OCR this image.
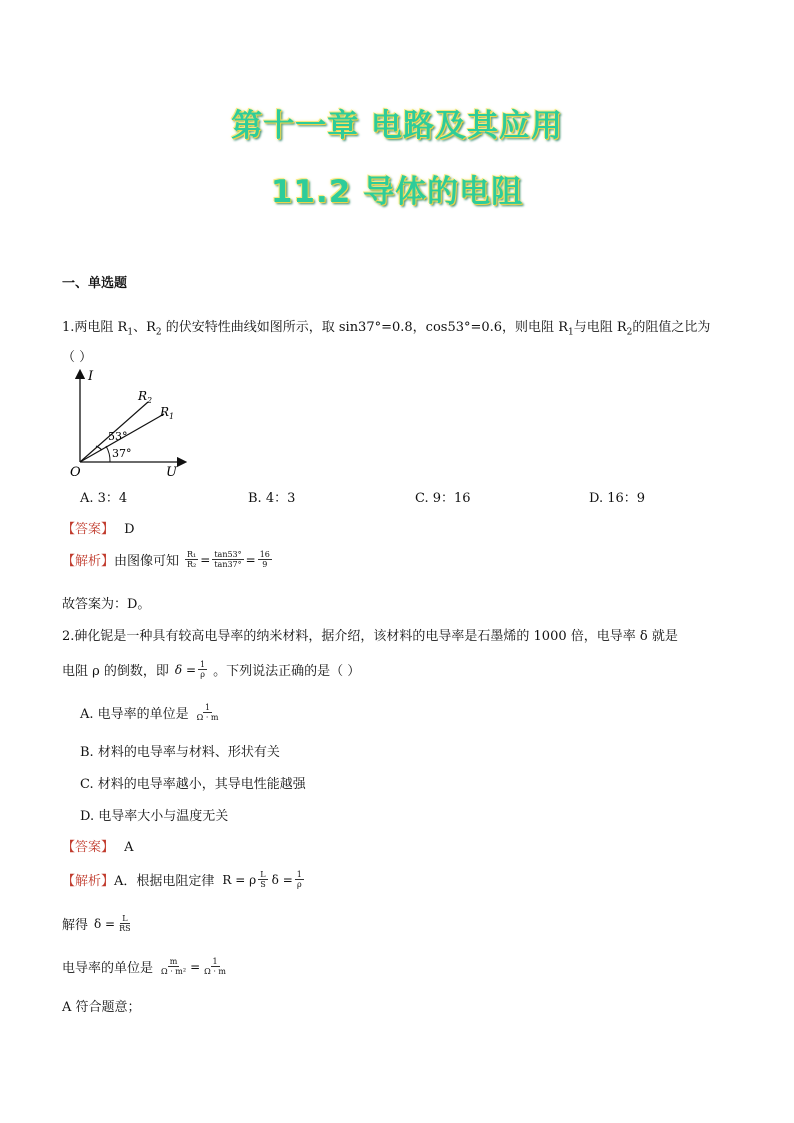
第十一章 电路及其应用
11.2 导体的电阻
一、单选题
1.两电阻 $R_1$、$R_2$ 的伏安特性曲线如图所示，取 sin37°=0.8，cos53°=0.6，则电阻 $R_1$与电阻 $R_2$的阻值之比为
（ ）
I
U
O
$R_2$
$R_1$
53°
37°
A. 3：4	B. 4：3	C. 9：16	D. 16：9
【答案】 D
【解析】 由图像可知 $\frac{\text{R₁}}{\text{R₂}} = \frac{\tan 53^\circ}{\tan 37^\circ} = \frac{16}{9}$
故答案为：D。
2.砷化铌是一种具有较高电导率的纳米材料，据介绍，该材料的电导率是石墨烯的 1000 倍，电导率 δ 就是
电阻 ρ 的倒数，即 $\delta = \frac{1}{\rho}$ 。下列说法正确的是（ ）
A. 电导率的单位是 $\frac{1}{\Omega \cdot m}$
B. 材料的电导率与材料、形状有关
C. 材料的电导率越小，其导电性能越强
D. 电导率大小与温度无关
【答案】 A
【解析】 A．根据电阻定律 R = ρ $\frac{L}{S}$ $\delta = \frac{1}{\rho}$
解得 $\delta = \frac{L}{RS}$
电导率的单位是 $\frac{m}{\text{Ω · m²}} = \frac{1}{\Omega \cdot m}$
A 符合题意；
